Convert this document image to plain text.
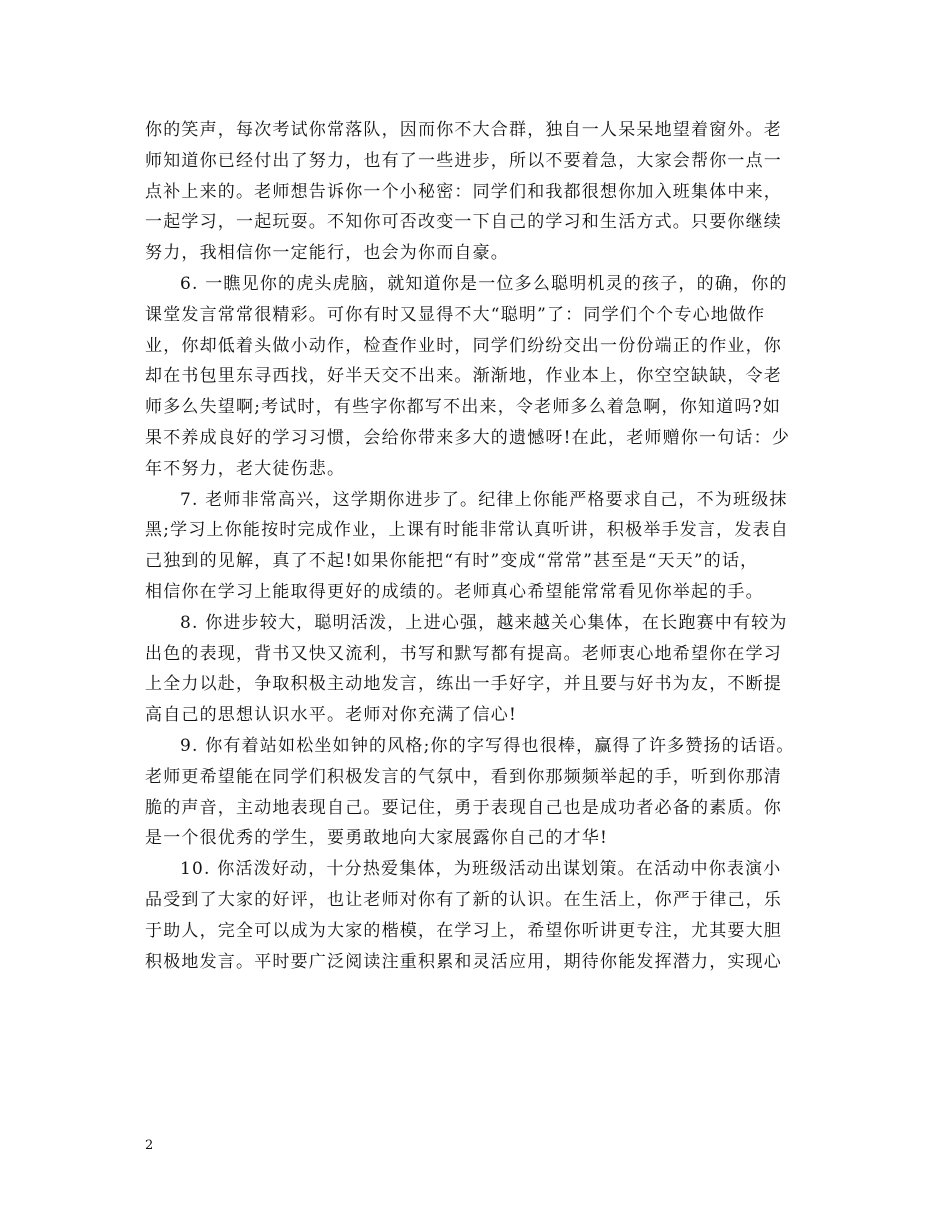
你的笑声，每次考试你常落队，因而你不大合群，独自一人呆呆地望着窗外。老
师知道你已经付出了努力，也有了一些进步，所以不要着急，大家会帮你一点一
点补上来的。老师想告诉你一个小秘密：同学们和我都很想你加入班集体中来，
一起学习，一起玩耍。不知你可否改变一下自己的学习和生活方式。只要你继续
努力，我相信你一定能行，也会为你而自豪。
6. 一瞧见你的虎头虎脑，就知道你是一位多么聪明机灵的孩子，的确，你的
课堂发言常常很精彩。可你有时又显得不大“聪明”了：同学们个个专心地做作
业，你却低着头做小动作，检查作业时，同学们纷纷交出一份份端正的作业，你
却在书包里东寻西找，好半天交不出来。渐渐地，作业本上，你空空缺缺，令老
师多么失望啊;考试时，有些字你都写不出来，令老师多么着急啊，你知道吗?如
果不养成良好的学习习惯，会给你带来多大的遗憾呀!在此，老师赠你一句话：少
年不努力，老大徒伤悲。
7. 老师非常高兴，这学期你进步了。纪律上你能严格要求自己，不为班级抹
黑;学习上你能按时完成作业，上课有时能非常认真听讲，积极举手发言，发表自
己独到的见解，真了不起!如果你能把“有时”变成“常常”甚至是“天天”的话，
相信你在学习上能取得更好的成绩的。老师真心希望能常常看见你举起的手。
8. 你进步较大，聪明活泼，上进心强，越来越关心集体，在长跑赛中有较为
出色的表现，背书又快又流利，书写和默写都有提高。老师衷心地希望你在学习
上全力以赴，争取积极主动地发言，练出一手好字，并且要与好书为友，不断提
高自己的思想认识水平。老师对你充满了信心!
9. 你有着站如松坐如钟的风格;你的字写得也很棒，赢得了许多赞扬的话语。
老师更希望能在同学们积极发言的气氛中，看到你那频频举起的手，听到你那清
脆的声音，主动地表现自己。要记住，勇于表现自己也是成功者必备的素质。你
是一个很优秀的学生，要勇敢地向大家展露你自己的才华!
10. 你活泼好动，十分热爱集体，为班级活动出谋划策。在活动中你表演小
品受到了大家的好评，也让老师对你有了新的认识。在生活上，你严于律己，乐
于助人，完全可以成为大家的楷模，在学习上，希望你听讲更专注，尤其要大胆
积极地发言。平时要广泛阅读注重积累和灵活应用，期待你能发挥潜力，实现心
2
